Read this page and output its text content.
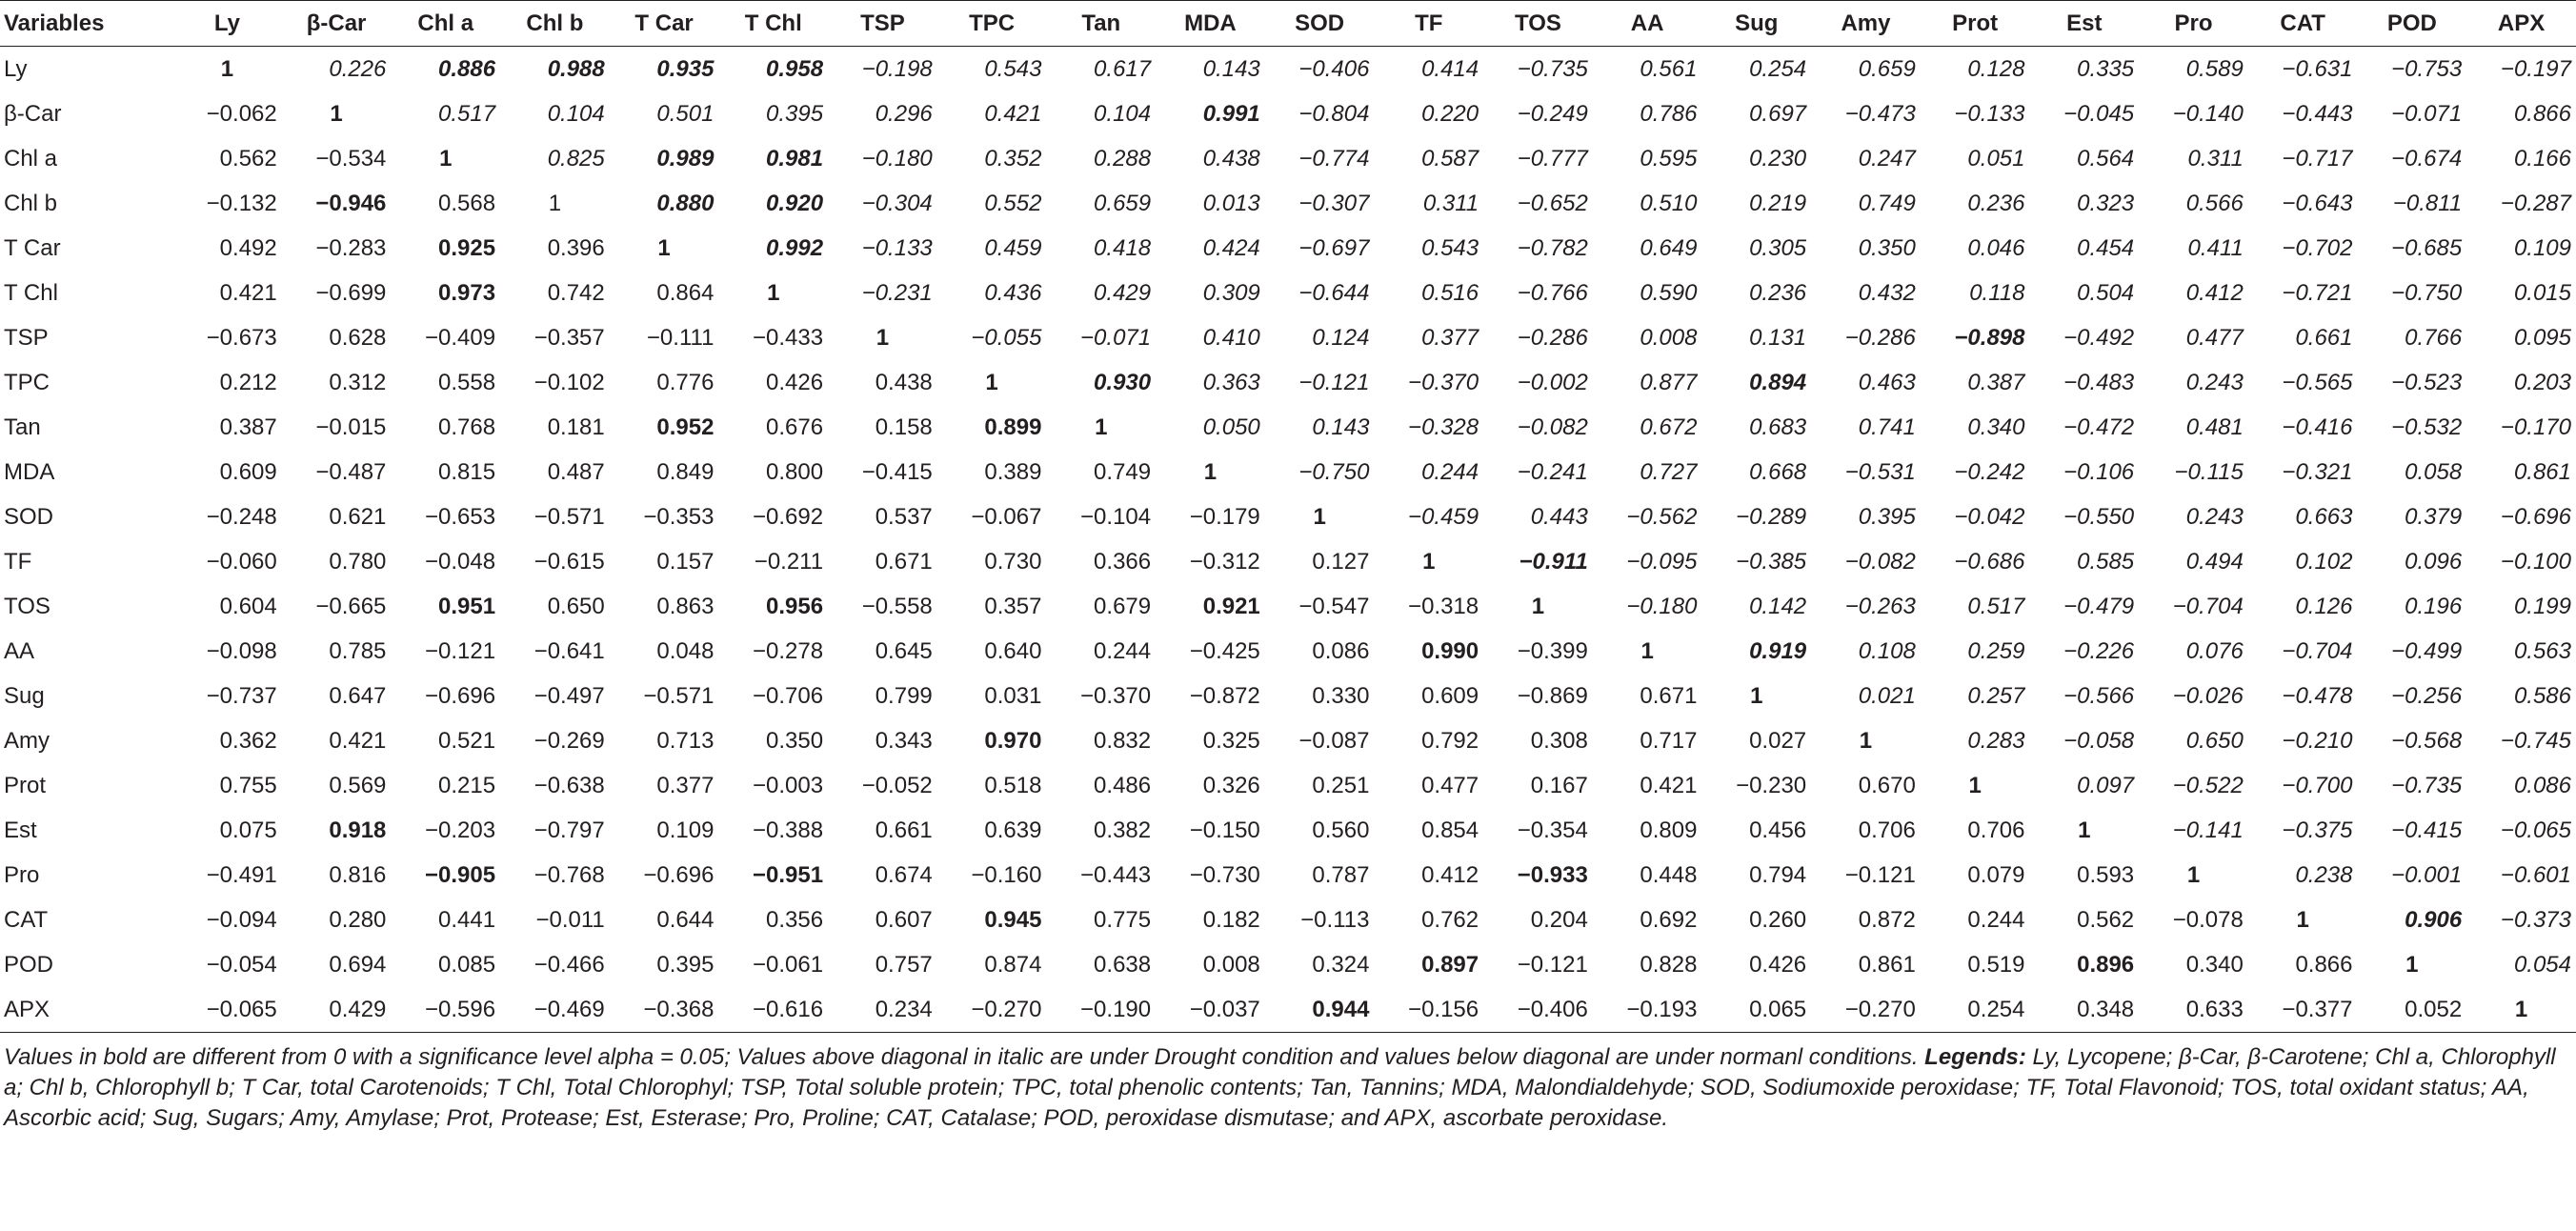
Variables	Ly	β-Car	Chl a	Chl b	T Car	T Chl	TSP	TPC	Tan	MDA	SOD	TF	TOS	AA	Sug	Amy	Prot	Est	Pro	CAT	POD	APX
Ly	1	0.226	0.886	0.988	0.935	0.958	−0.198	0.543	0.617	0.143	−0.406	0.414	−0.735	0.561	0.254	0.659	0.128	0.335	0.589	−0.631	−0.753	−0.197
β-Car	−0.062	1	0.517	0.104	0.501	0.395	0.296	0.421	0.104	0.991	−0.804	0.220	−0.249	0.786	0.697	−0.473	−0.133	−0.045	−0.140	−0.443	−0.071	0.866
Chl a	0.562	−0.534	1	0.825	0.989	0.981	−0.180	0.352	0.288	0.438	−0.774	0.587	−0.777	0.595	0.230	0.247	0.051	0.564	0.311	−0.717	−0.674	0.166
Chl b	−0.132	−0.946	0.568	1	0.880	0.920	−0.304	0.552	0.659	0.013	−0.307	0.311	−0.652	0.510	0.219	0.749	0.236	0.323	0.566	−0.643	−0.811	−0.287
T Car	0.492	−0.283	0.925	0.396	1	0.992	−0.133	0.459	0.418	0.424	−0.697	0.543	−0.782	0.649	0.305	0.350	0.046	0.454	0.411	−0.702	−0.685	0.109
T Chl	0.421	−0.699	0.973	0.742	0.864	1	−0.231	0.436	0.429	0.309	−0.644	0.516	−0.766	0.590	0.236	0.432	0.118	0.504	0.412	−0.721	−0.750	0.015
TSP	−0.673	0.628	−0.409	−0.357	−0.111	−0.433	1	−0.055	−0.071	0.410	0.124	0.377	−0.286	0.008	0.131	−0.286	−0.898	−0.492	0.477	0.661	0.766	0.095
TPC	0.212	0.312	0.558	−0.102	0.776	0.426	0.438	1	0.930	0.363	−0.121	−0.370	−0.002	0.877	0.894	0.463	0.387	−0.483	0.243	−0.565	−0.523	0.203
Tan	0.387	−0.015	0.768	0.181	0.952	0.676	0.158	0.899	1	0.050	0.143	−0.328	−0.082	0.672	0.683	0.741	0.340	−0.472	0.481	−0.416	−0.532	−0.170
MDA	0.609	−0.487	0.815	0.487	0.849	0.800	−0.415	0.389	0.749	1	−0.750	0.244	−0.241	0.727	0.668	−0.531	−0.242	−0.106	−0.115	−0.321	0.058	0.861
SOD	−0.248	0.621	−0.653	−0.571	−0.353	−0.692	0.537	−0.067	−0.104	−0.179	1	−0.459	0.443	−0.562	−0.289	0.395	−0.042	−0.550	0.243	0.663	0.379	−0.696
TF	−0.060	0.780	−0.048	−0.615	0.157	−0.211	0.671	0.730	0.366	−0.312	0.127	1	−0.911	−0.095	−0.385	−0.082	−0.686	0.585	0.494	0.102	0.096	−0.100
TOS	0.604	−0.665	0.951	0.650	0.863	0.956	−0.558	0.357	0.679	0.921	−0.547	−0.318	1	−0.180	0.142	−0.263	0.517	−0.479	−0.704	0.126	0.196	0.199
AA	−0.098	0.785	−0.121	−0.641	0.048	−0.278	0.645	0.640	0.244	−0.425	0.086	0.990	−0.399	1	0.919	0.108	0.259	−0.226	0.076	−0.704	−0.499	0.563
Sug	−0.737	0.647	−0.696	−0.497	−0.571	−0.706	0.799	0.031	−0.370	−0.872	0.330	0.609	−0.869	0.671	1	0.021	0.257	−0.566	−0.026	−0.478	−0.256	0.586
Amy	0.362	0.421	0.521	−0.269	0.713	0.350	0.343	0.970	0.832	0.325	−0.087	0.792	0.308	0.717	0.027	1	0.283	−0.058	0.650	−0.210	−0.568	−0.745
Prot	0.755	0.569	0.215	−0.638	0.377	−0.003	−0.052	0.518	0.486	0.326	0.251	0.477	0.167	0.421	−0.230	0.670	1	0.097	−0.522	−0.700	−0.735	0.086
Est	0.075	0.918	−0.203	−0.797	0.109	−0.388	0.661	0.639	0.382	−0.150	0.560	0.854	−0.354	0.809	0.456	0.706	0.706	1	−0.141	−0.375	−0.415	−0.065
Pro	−0.491	0.816	−0.905	−0.768	−0.696	−0.951	0.674	−0.160	−0.443	−0.730	0.787	0.412	−0.933	0.448	0.794	−0.121	0.079	0.593	1	0.238	−0.001	−0.601
CAT	−0.094	0.280	0.441	−0.011	0.644	0.356	0.607	0.945	0.775	0.182	−0.113	0.762	0.204	0.692	0.260	0.872	0.244	0.562	−0.078	1	0.906	−0.373
POD	−0.054	0.694	0.085	−0.466	0.395	−0.061	0.757	0.874	0.638	0.008	0.324	0.897	−0.121	0.828	0.426	0.861	0.519	0.896	0.340	0.866	1	0.054
APX	−0.065	0.429	−0.596	−0.469	−0.368	−0.616	0.234	−0.270	−0.190	−0.037	0.944	−0.156	−0.406	−0.193	0.065	−0.270	0.254	0.348	0.633	−0.377	0.052	1
Values in bold are different from 0 with a significance level alpha = 0.05; Values above diagonal in italic are under Drought condition and values below diagonal are under normanl conditions. Legends: Ly, Lycopene; β-Car, β-Carotene; Chl a, Chlorophyll a; Chl b, Chlorophyll b; T Car, total Carotenoids; T Chl, Total Chlorophyl; TSP, Total soluble protein; TPC, total phenolic contents; Tan, Tannins; MDA, Malondialdehyde; SOD, Sodiumoxide peroxidase; TF, Total Flavonoid; TOS, total oxidant status; AA, Ascorbic acid; Sug, Sugars; Amy, Amylase; Prot, Protease; Est, Esterase; Pro, Proline; CAT, Catalase; POD, peroxidase dismutase; and APX, ascorbate peroxidase.
